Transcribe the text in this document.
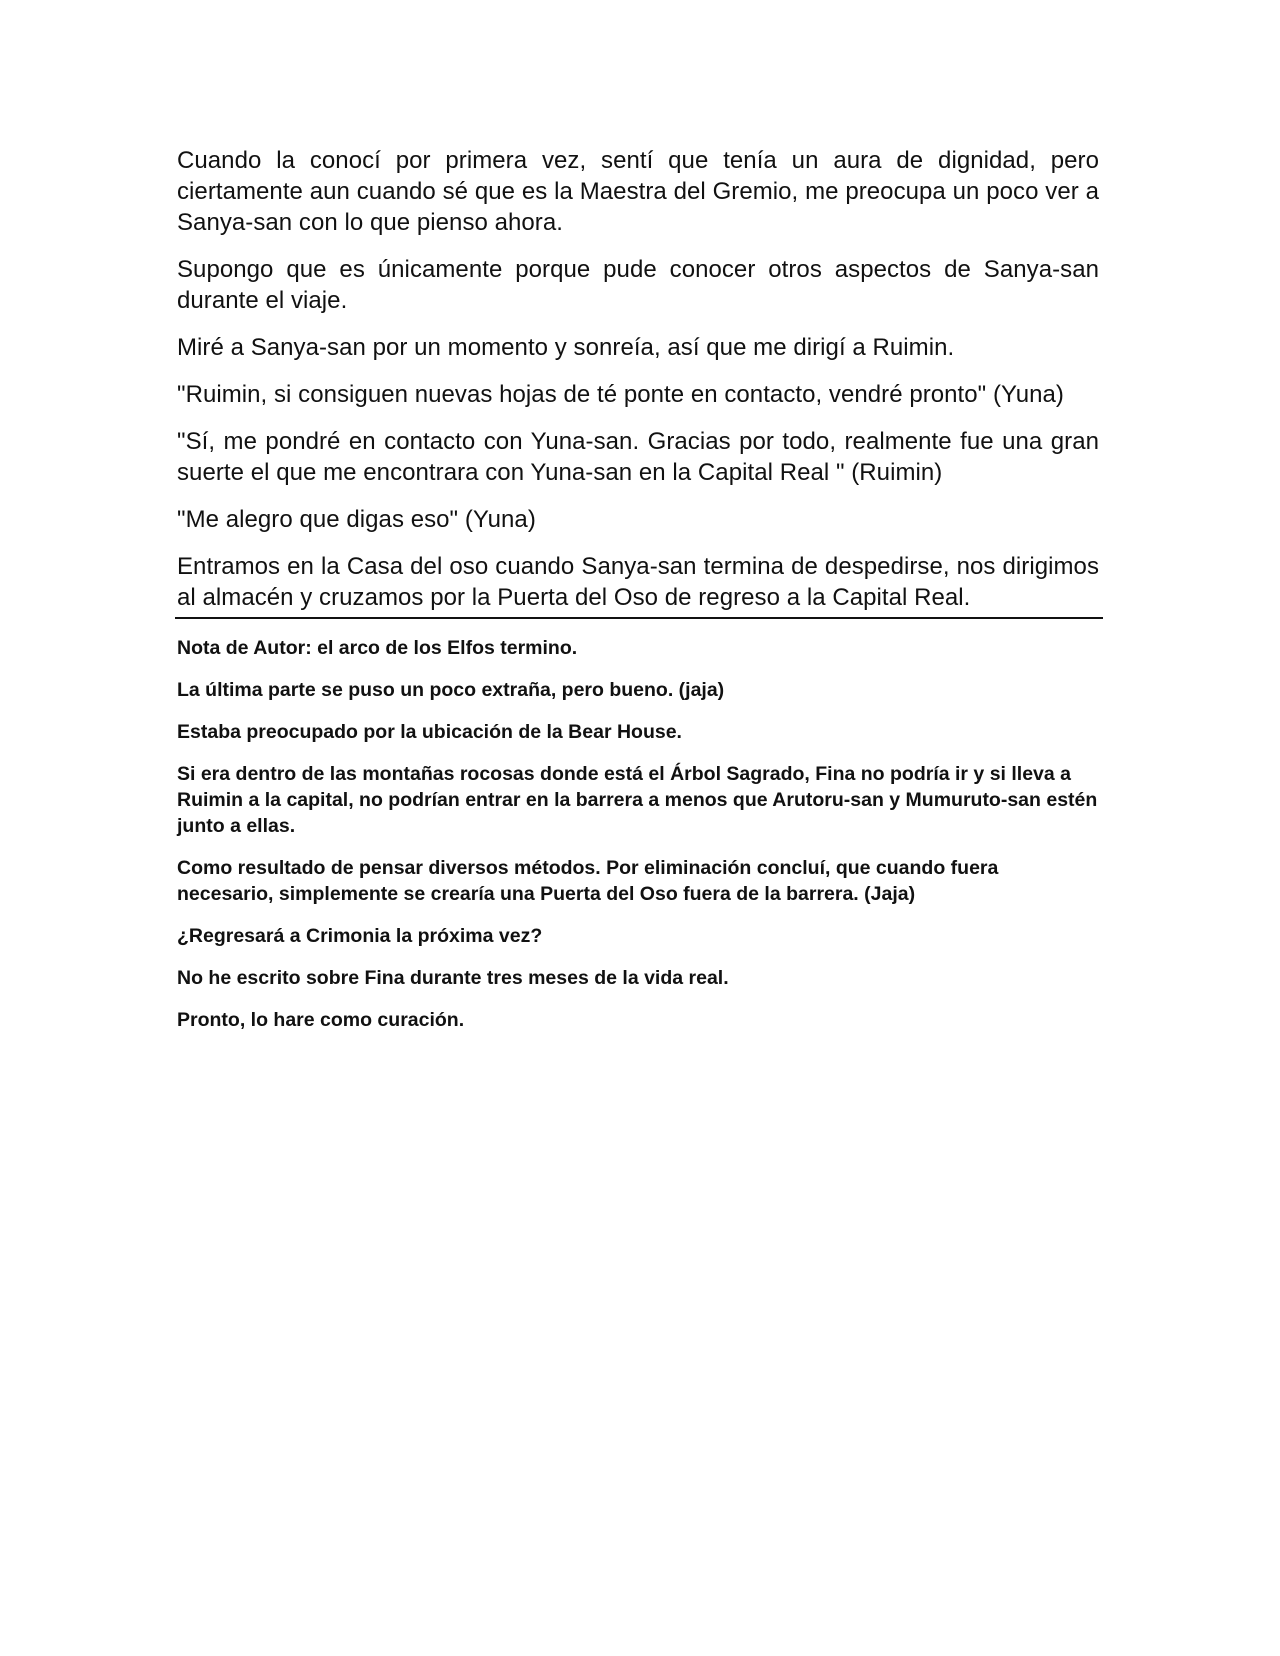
Cuando la conocí por primera vez, sentí que tenía un aura de dignidad, pero ciertamente aun cuando sé que es la Maestra del Gremio, me preocupa un poco ver a Sanya-san con lo que pienso ahora.

Supongo que es únicamente porque pude conocer otros aspectos de Sanya-san durante el viaje.

Miré a Sanya-san por un momento y sonreía, así que me dirigí a Ruimin.

"Ruimin, si consiguen nuevas hojas de té ponte en contacto, vendré pronto" (Yuna)

"Sí, me pondré en contacto con Yuna-san. Gracias por todo, realmente fue una gran suerte el que me encontrara con Yuna-san en la Capital Real " (Ruimin)

"Me alegro que digas eso" (Yuna)

Entramos en la Casa del oso cuando Sanya-san termina de despedirse, nos dirigimos al almacén y cruzamos por la Puerta del Oso de regreso a la Capital Real.

Nota de Autor: el arco de los Elfos termino.

La última parte se puso un poco extraña, pero bueno. (jaja)

Estaba preocupado por la ubicación de la Bear House.

Si era dentro de las montañas rocosas donde está el Árbol Sagrado, Fina no podría ir y si lleva a Ruimin a la capital, no podrían entrar en la barrera a menos que Arutoru-san y Mumuruto-san estén junto a ellas.

Como resultado de pensar diversos métodos. Por eliminación concluí, que cuando fuera necesario, simplemente se crearía una Puerta del Oso fuera de la barrera. (Jaja)

¿Regresará a Crimonia la próxima vez?

No he escrito sobre Fina durante tres meses de la vida real.

Pronto, lo hare como curación.
